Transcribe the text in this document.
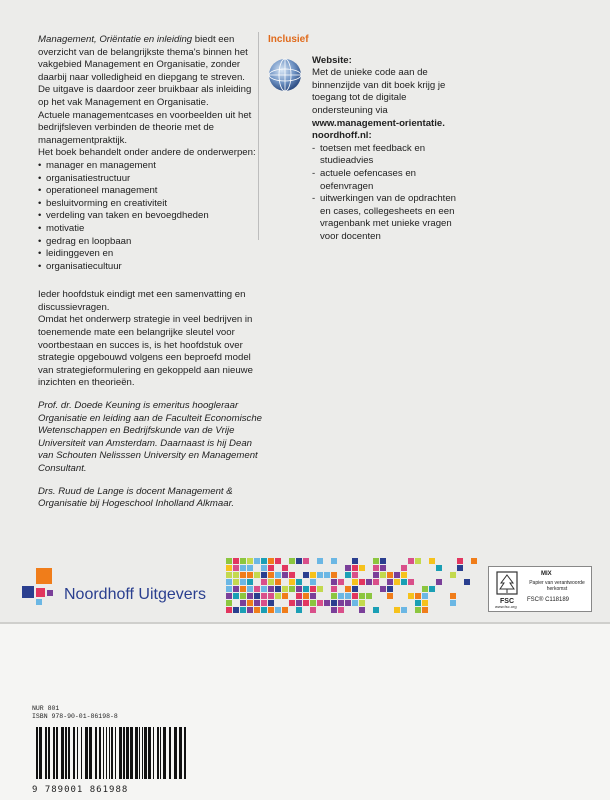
Management, Oriëntatie en inleiding biedt een overzicht van de belangrijkste thema's binnen het vakgebied Management en Organisatie, zonder daarbij naar volledigheid en diepgang te streven.
De uitgave is daardoor zeer bruikbaar als inleiding op het vak Management en Organisatie.
Actuele managementcases en voorbeelden uit het bedrijfsleven verbinden de theorie met de managementpraktijk.
Het boek behandelt onder andere de onderwerpen:
• manager en management
• organisatiestructuur
• operationeel management
• besluitvorming en creativiteit
• verdeling van taken en bevoegdheden
• motivatie
• gedrag en loopbaan
• leidinggeven en
• organisatiecultuur
Ieder hoofdstuk eindigt met een samenvatting en discussievragen.

Omdat het onderwerp strategie in veel bedrijven in toenemende mate een belangrijke sleutel voor voortbestaan en succes is, is het hoofdstuk over strategie opgebouwd volgens een beproefd model van strategieformulering en gekoppeld aan nieuwe inzichten en theorieën.

Prof. dr. Doede Keuning is emeritus hoogleraar Organisatie en leiding aan de Faculteit Economische Wetenschappen en Bedrijfskunde van de Vrije Universiteit van Amsterdam. Daarnaast is hij Dean van Schouten Nelisssen University en Management Consultant.

Drs. Ruud de Lange is docent Management & Organisatie bij Hogeschool Inholland Alkmaar.

Inclusief
Website:
Met de unieke code aan de binnenzijde van dit boek krijg je toegang tot de digitale ondersteuning via
www.management-orientatie. noordhoff.nl:
- toetsen met feedback en studieadvies
- actuele oefencases en oefenvragen
- uitwerkingen van de opdrachten en cases, collegesheets en een vragenbank met unieke vragen voor docenten
Noordhoff Uitgevers	FSC
MIX
Papier van verantwoorde herkomst
FSC® C118189
www.fsc.org
NUR 801
ISBN 978-90-01-86198-8
9 789001 861988
